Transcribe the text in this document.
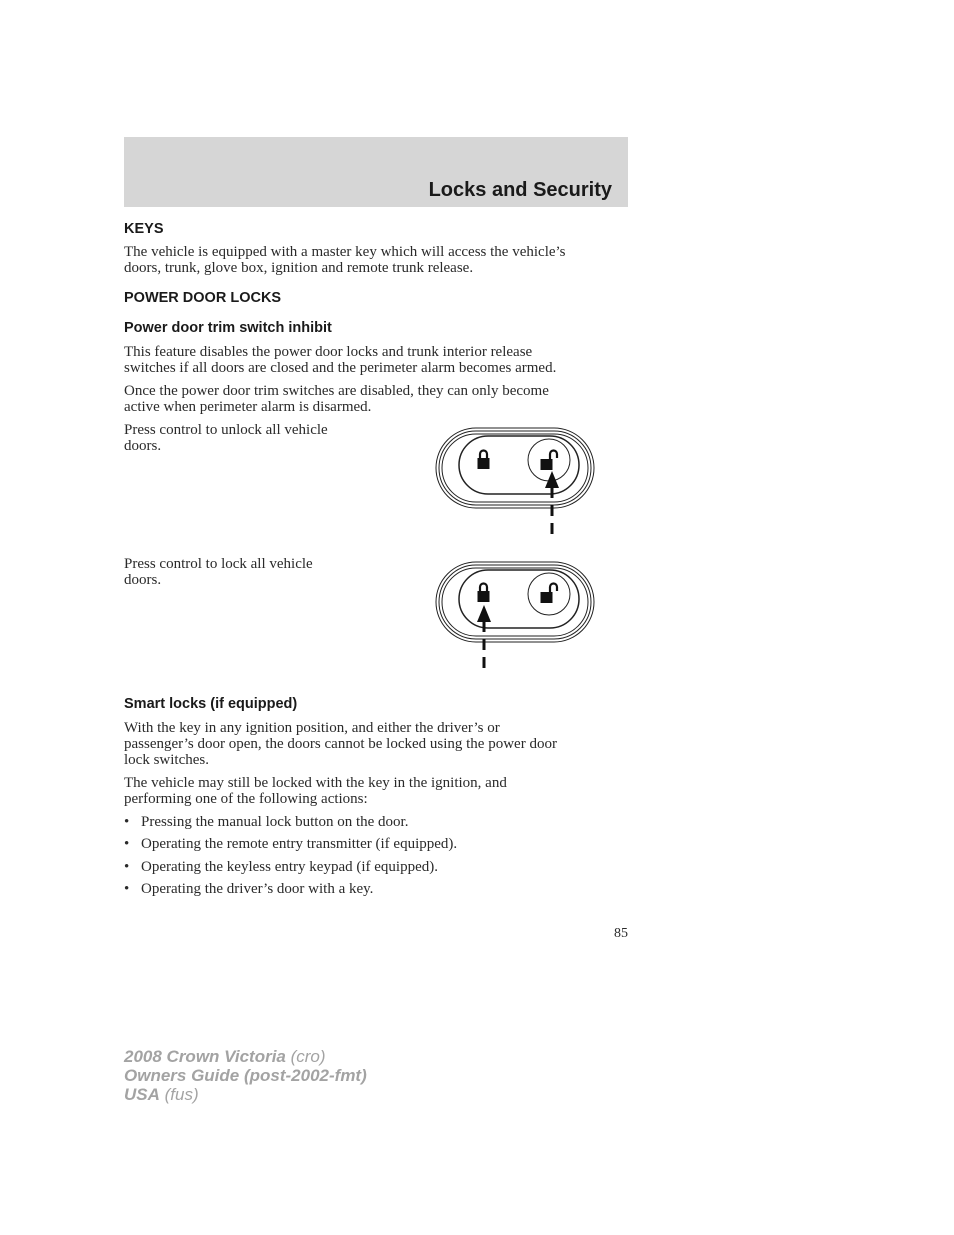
Locks and Security
KEYS

The vehicle is equipped with a master key which will access the vehicle’s

doors, trunk, glove box, ignition and remote trunk release.

POWER DOOR LOCKS
Power door trim switch inhibit

This feature disables the power door locks and trunk interior release

switches if all doors are closed and the perimeter alarm becomes armed.

Once the power door trim switches are disabled, they can only become

active when perimeter alarm is disarmed.

Press control to unlock all vehicle

doors.

Press control to lock all vehicle

doors.

Smart locks (if equipped)

With the key in any ignition position, and either the driver’s or

passenger’s door open, the doors cannot be locked using the power door

lock switches.

The vehicle may still be locked with the key in the ignition, and

performing one of the following actions:

• Pressing the manual lock button on the door.
• Operating the remote entry transmitter (if equipped).
• Operating the keyless entry keypad (if equipped).
• Operating the driver’s door with a key.
85
2008 Crown Victoria (cro)
Owners Guide (post-2002-fmt)
USA (fus)
